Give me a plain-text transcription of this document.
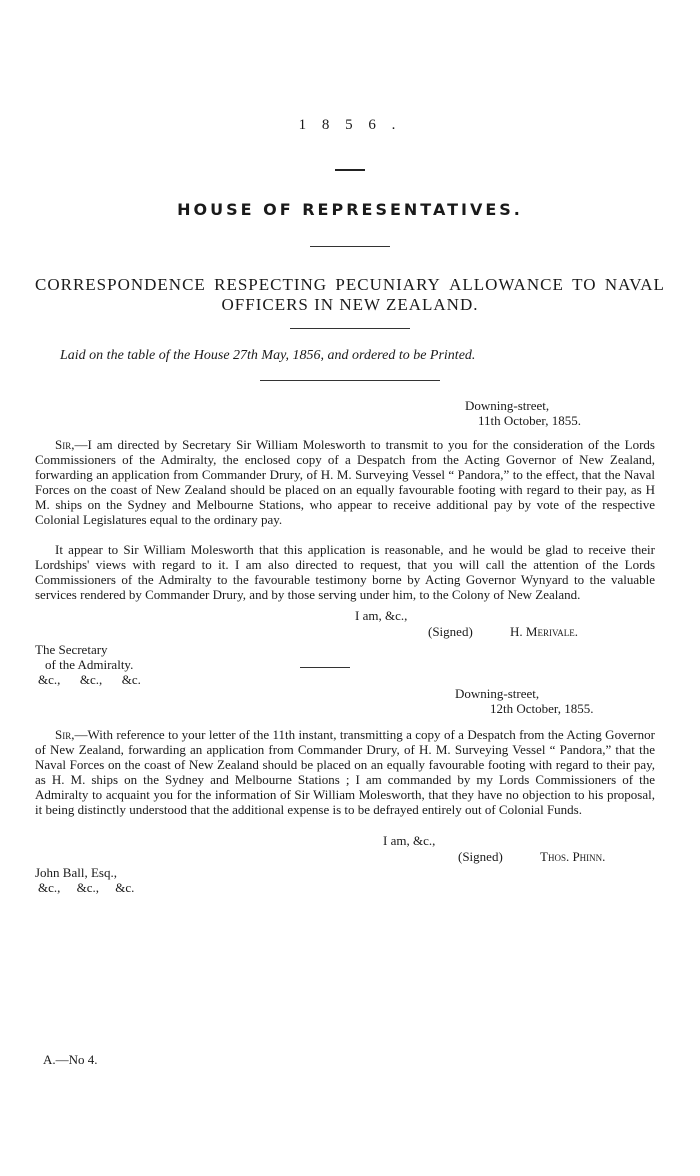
1 8 5 6 .
HOUSE OF REPRESENTATIVES.
CORRESPONDENCE RESPECTING PECUNIARY ALLOWANCE TO NAVAL
OFFICERS IN NEW ZEALAND.
Laid on the table of the House 27th May, 1856, and ordered to be Printed.
Downing-street,
11th October, 1855.
Sir,—I am directed by Secretary Sir William Molesworth to transmit to you for the consideration of the Lords Commissioners of the Admiralty, the enclosed copy of a Despatch from the Acting Governor of New Zealand, forwarding an application from Commander Drury, of H. M. Surveying Vessel “ Pandora,” to the effect, that the Naval Forces on the coast of New Zealand should be placed on an equally favourable footing with regard to their pay, as H M. ships on the Sydney and Melbourne Stations, who appear to receive additional pay by vote of the respective Colonial Legislatures equal to the ordinary pay.
It appear to Sir William Molesworth that this application is reasonable, and he would be glad to receive their Lordships' views with regard to it. I am also directed to request, that you will call the attention of the Lords Commissioners of the Admiralty to the favourable testimony borne by Acting Governor Wynyard to the valuable services rendered by Commander Drury, and by those serving under him, to the Colony of New Zealand.
I am, &c.,
(Signed)	H. Merivale.
The Secretary
of the Admiralty.
&c.,      &c.,      &c.
Downing-street,
12th October, 1855.
Sir,—With reference to your letter of the 11th instant, transmitting a copy of a Despatch from the Acting Governor of New Zealand, forwarding an application from Commander Drury, of H. M. Surveying Vessel “ Pandora,” that the Naval Forces on the coast of New Zealand should be placed on an equally favourable footing with regard to their pay, as H. M. ships on the Sydney and Melbourne Stations ; I am commanded by my Lords Commissioners of the Admiralty to acquaint you for the information of Sir William Molesworth, that they have no objection to his proposal, it being distinctly understood that the additional expense is to be defrayed entirely out of Colonial Funds.
I am, &c.,
(Signed)	Thos. Phinn.
John Ball, Esq.,
&c.,     &c.,     &c.
A.—No 4.
